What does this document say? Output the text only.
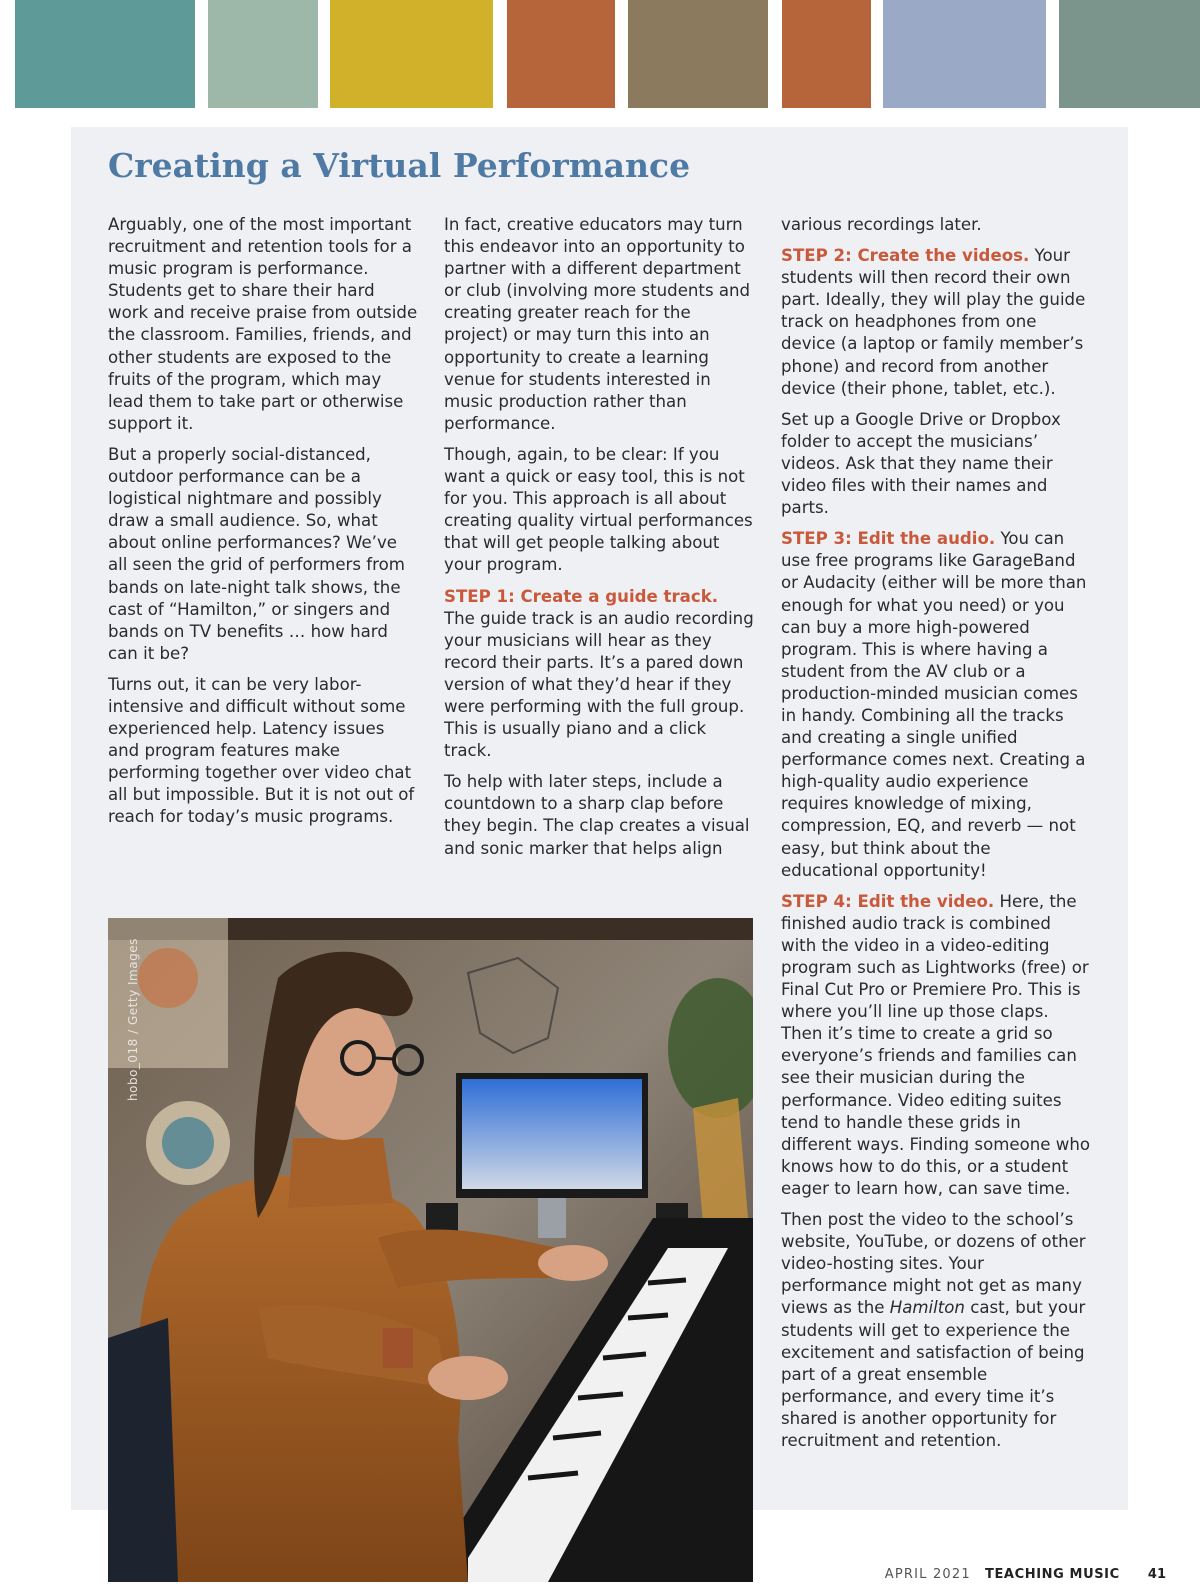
Creating a Virtual Performance

Arguably, one of the most important recruitment and retention tools for a music program is performance. Students get to share their hard work and receive praise from outside the classroom. Families, friends, and other students are exposed to the fruits of the program, which may lead them to take part or otherwise support it.

But a properly social-distanced, outdoor performance can be a logistical nightmare and possibly draw a small audience. So, what about online performances? We’ve all seen the grid of performers from bands on late-night talk shows, the cast of “Hamilton,” or singers and bands on TV benefits … how hard can it be?

Turns out, it can be very labor-intensive and difficult without some experienced help. Latency issues and program features make performing together over video chat all but impossible. But it is not out of reach for today’s music programs.

In fact, creative educators may turn this endeavor into an opportunity to partner with a different department or club (involving more students and creating greater reach for the project) or may turn this into an opportunity to create a learning venue for students interested in music production rather than performance.

Though, again, to be clear: If you want a quick or easy tool, this is not for you. This approach is all about creating quality virtual performances that will get people talking about your program.

STEP 1: Create a guide track. The guide track is an audio recording your musicians will hear as they record their parts. It’s a pared down version of what they’d hear if they were performing with the full group. This is usually piano and a click track.

To help with later steps, include a countdown to a sharp clap before they begin. The clap creates a visual and sonic marker that helps align

various recordings later.

STEP 2: Create the videos. Your students will then record their own part. Ideally, they will play the guide track on headphones from one device (a laptop or family member’s phone) and record from another device (their phone, tablet, etc.).

Set up a Google Drive or Dropbox folder to accept the musicians’ videos. Ask that they name their video files with their names and parts.

STEP 3: Edit the audio. You can use free programs like GarageBand or Audacity (either will be more than enough for what you need) or you can buy a more high-powered program. This is where having a student from the AV club or a production-minded musician comes in handy. Combining all the tracks and creating a single unified performance comes next. Creating a high-quality audio experience requires knowledge of mixing, compression, EQ, and reverb — not easy, but think about the educational opportunity!

STEP 4: Edit the video. Here, the finished audio track is combined with the video in a video-editing program such as Lightworks (free) or Final Cut Pro or Premiere Pro. This is where you’ll line up those claps. Then it’s time to create a grid so everyone’s friends and families can see their musician during the performance. Video editing suites tend to handle these grids in different ways. Finding someone who knows how to do this, or a student eager to learn how, can save time.

Then post the video to the school’s website, YouTube, or dozens of other video-hosting sites. Your performance might not get as many views as the Hamilton cast, but your students will get to experience the excitement and satisfaction of being part of a great ensemble performance, and every time it’s shared is another opportunity for recruitment and retention.

hobo_018 / Getty Images
APRIL 2021 TEACHING MUSIC 41
